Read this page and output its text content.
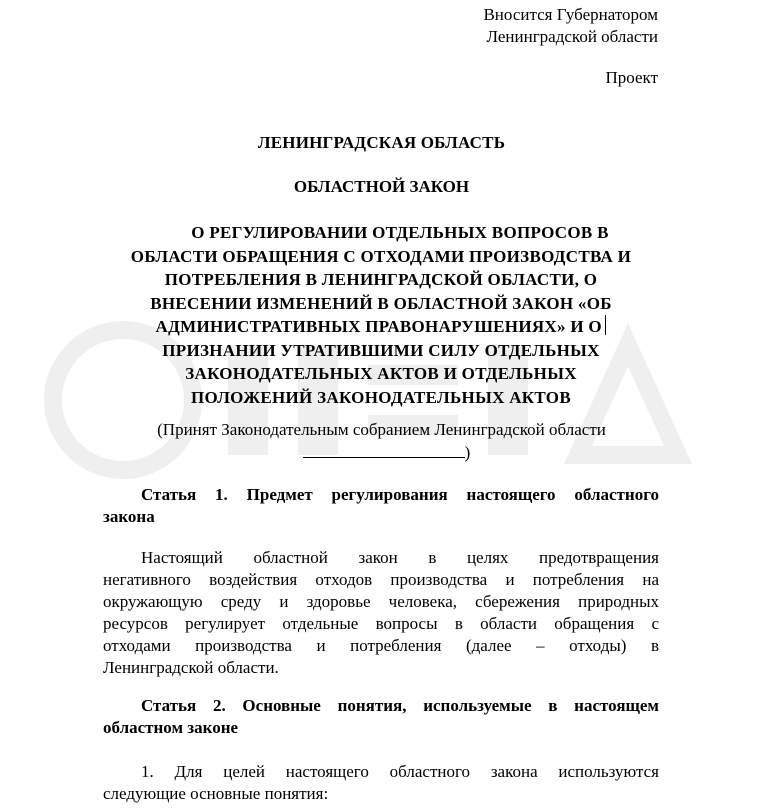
Вносится Губернатором
Ленинградской области
Проект
ЛЕНИНГРАДСКАЯ ОБЛАСТЬ
ОБЛАСТНОЙ ЗАКОН
О РЕГУЛИРОВАНИИ ОТДЕЛЬНЫХ ВОПРОСОВ В
ОБЛАСТИ ОБРАЩЕНИЯ С ОТХОДАМИ ПРОИЗВОДСТВА И
ПОТРЕБЛЕНИЯ В ЛЕНИНГРАДСКОЙ ОБЛАСТИ, О
ВНЕСЕНИИ ИЗМЕНЕНИЙ В ОБЛАСТНОЙ ЗАКОН «ОБ
АДМИНИСТРАТИВНЫХ ПРАВОНАРУШЕНИЯХ» И О
ПРИЗНАНИИ УТРАТИВШИМИ СИЛУ ОТДЕЛЬНЫХ
ЗАКОНОДАТЕЛЬНЫХ АКТОВ И ОТДЕЛЬНЫХ
ПОЛОЖЕНИЙ ЗАКОНОДАТЕЛЬНЫХ АКТОВ
(Принят Законодательным собранием Ленинградской области
)
Статья 1. Предмет регулирования настоящего областного
закона
Настоящий областной закон в целях предотвращения
негативного воздействия отходов производства и потребления на
окружающую среду и здоровье человека, сбережения природных
ресурсов регулирует отдельные вопросы в области обращения с
отходами производства и потребления (далее – отходы) в
Ленинградской области.
Статья 2. Основные понятия, используемые в настоящем
областном законе
1. Для целей настоящего областного закона используются
следующие основные понятия:
